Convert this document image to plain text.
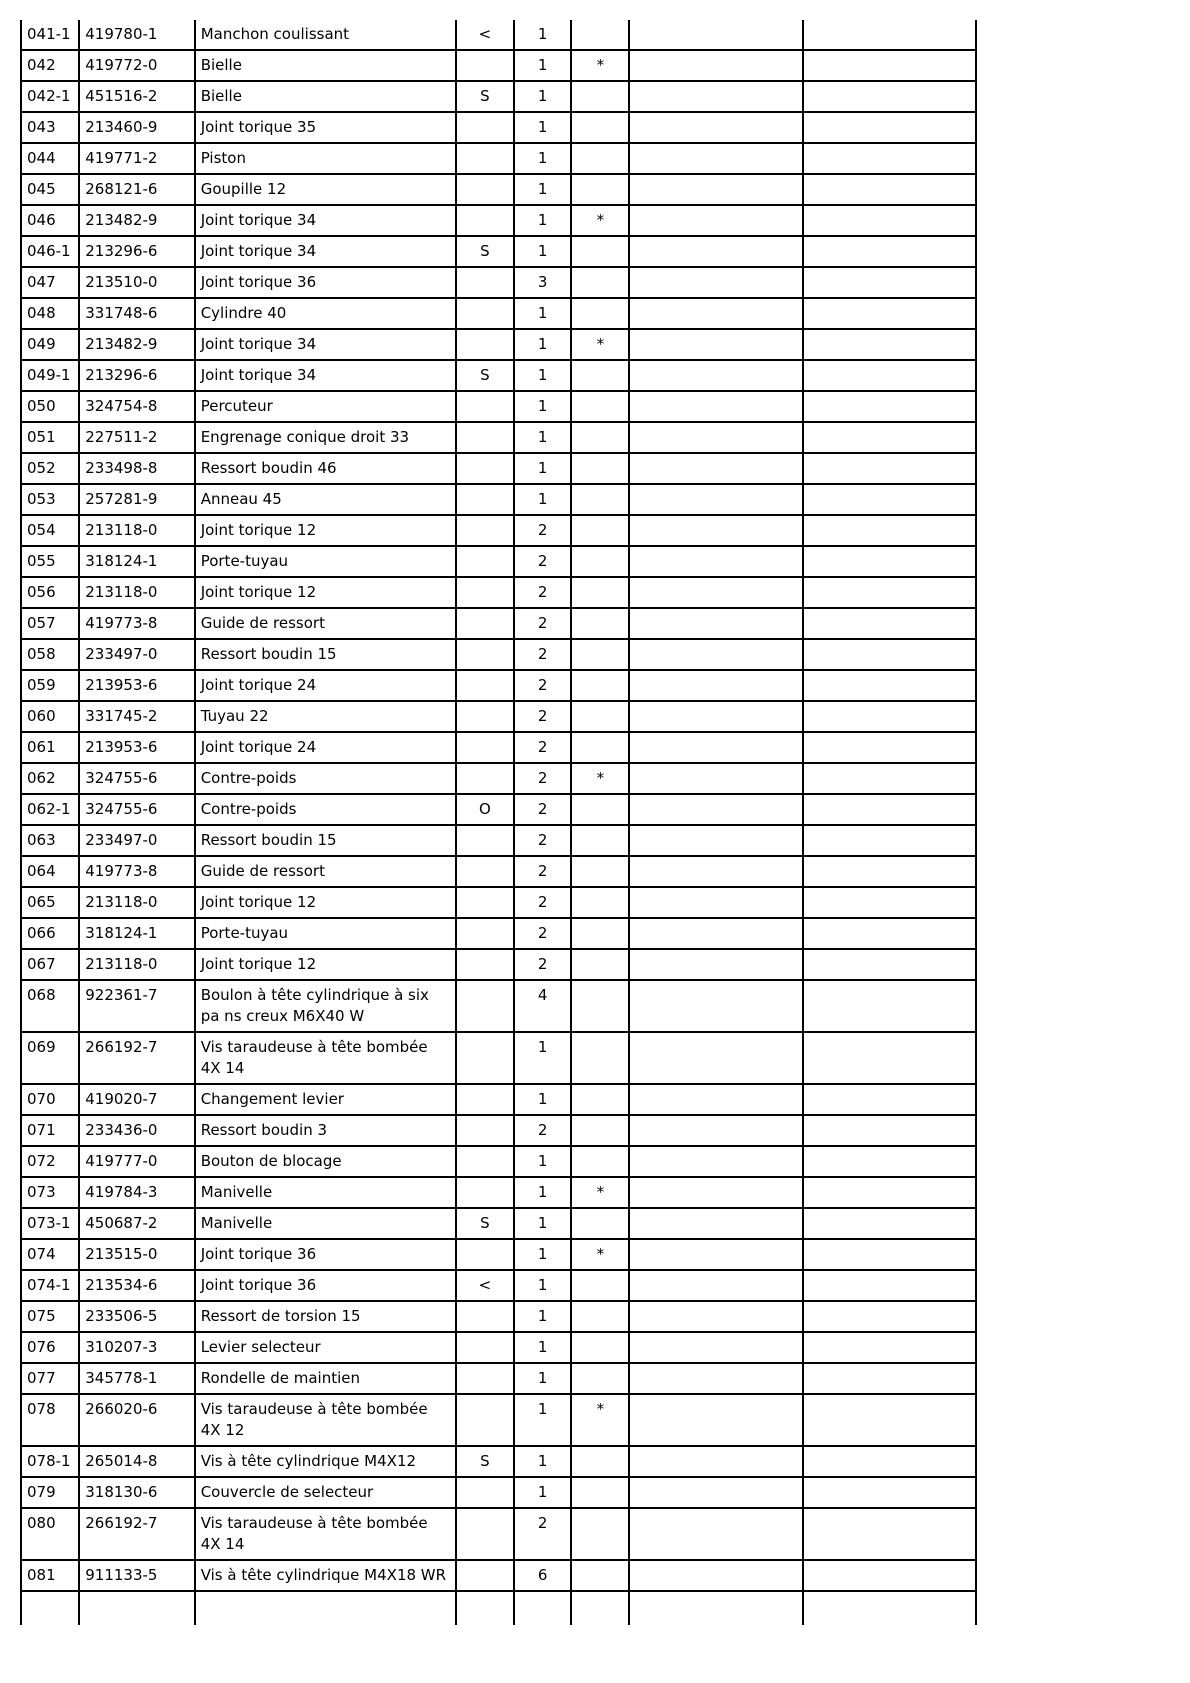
041-1	419780-1	Manchon coulissant	<	1			
042	419772-0	Bielle		1	*		
042-1	451516-2	Bielle	S	1			
043	213460-9	Joint torique 35		1			
044	419771-2	Piston		1			
045	268121-6	Goupille 12		1			
046	213482-9	Joint torique 34		1	*		
046-1	213296-6	Joint torique 34	S	1			
047	213510-0	Joint torique 36		3			
048	331748-6	Cylindre 40		1			
049	213482-9	Joint torique 34		1	*		
049-1	213296-6	Joint torique 34	S	1			
050	324754-8	Percuteur		1			
051	227511-2	Engrenage conique droit 33		1			
052	233498-8	Ressort boudin 46		1			
053	257281-9	Anneau 45		1			
054	213118-0	Joint torique 12		2			
055	318124-1	Porte-tuyau		2			
056	213118-0	Joint torique 12		2			
057	419773-8	Guide de ressort		2			
058	233497-0	Ressort boudin 15		2			
059	213953-6	Joint torique 24		2			
060	331745-2	Tuyau 22		2			
061	213953-6	Joint torique 24		2			
062	324755-6	Contre-poids		2	*		
062-1	324755-6	Contre-poids	O	2			
063	233497-0	Ressort boudin 15		2			
064	419773-8	Guide de ressort		2			
065	213118-0	Joint torique 12		2			
066	318124-1	Porte-tuyau		2			
067	213118-0	Joint torique 12		2			
068	922361-7	Boulon à tête cylindrique à six pa ns creux M6X40 W		4			
069	266192-7	Vis taraudeuse à tête bombée 4X 14		1			
070	419020-7	Changement levier		1			
071	233436-0	Ressort boudin 3		2			
072	419777-0	Bouton de blocage		1			
073	419784-3	Manivelle		1	*		
073-1	450687-2	Manivelle	S	1			
074	213515-0	Joint torique 36		1	*		
074-1	213534-6	Joint torique 36	<	1			
075	233506-5	Ressort de torsion 15		1			
076	310207-3	Levier selecteur		1			
077	345778-1	Rondelle de maintien		1			
078	266020-6	Vis taraudeuse à tête bombée 4X 12		1	*		
078-1	265014-8	Vis à tête cylindrique M4X12	S	1			
079	318130-6	Couvercle de selecteur		1			
080	266192-7	Vis taraudeuse à tête bombée 4X 14		2			
081	911133-5	Vis à tête cylindrique M4X18 WR		6			
